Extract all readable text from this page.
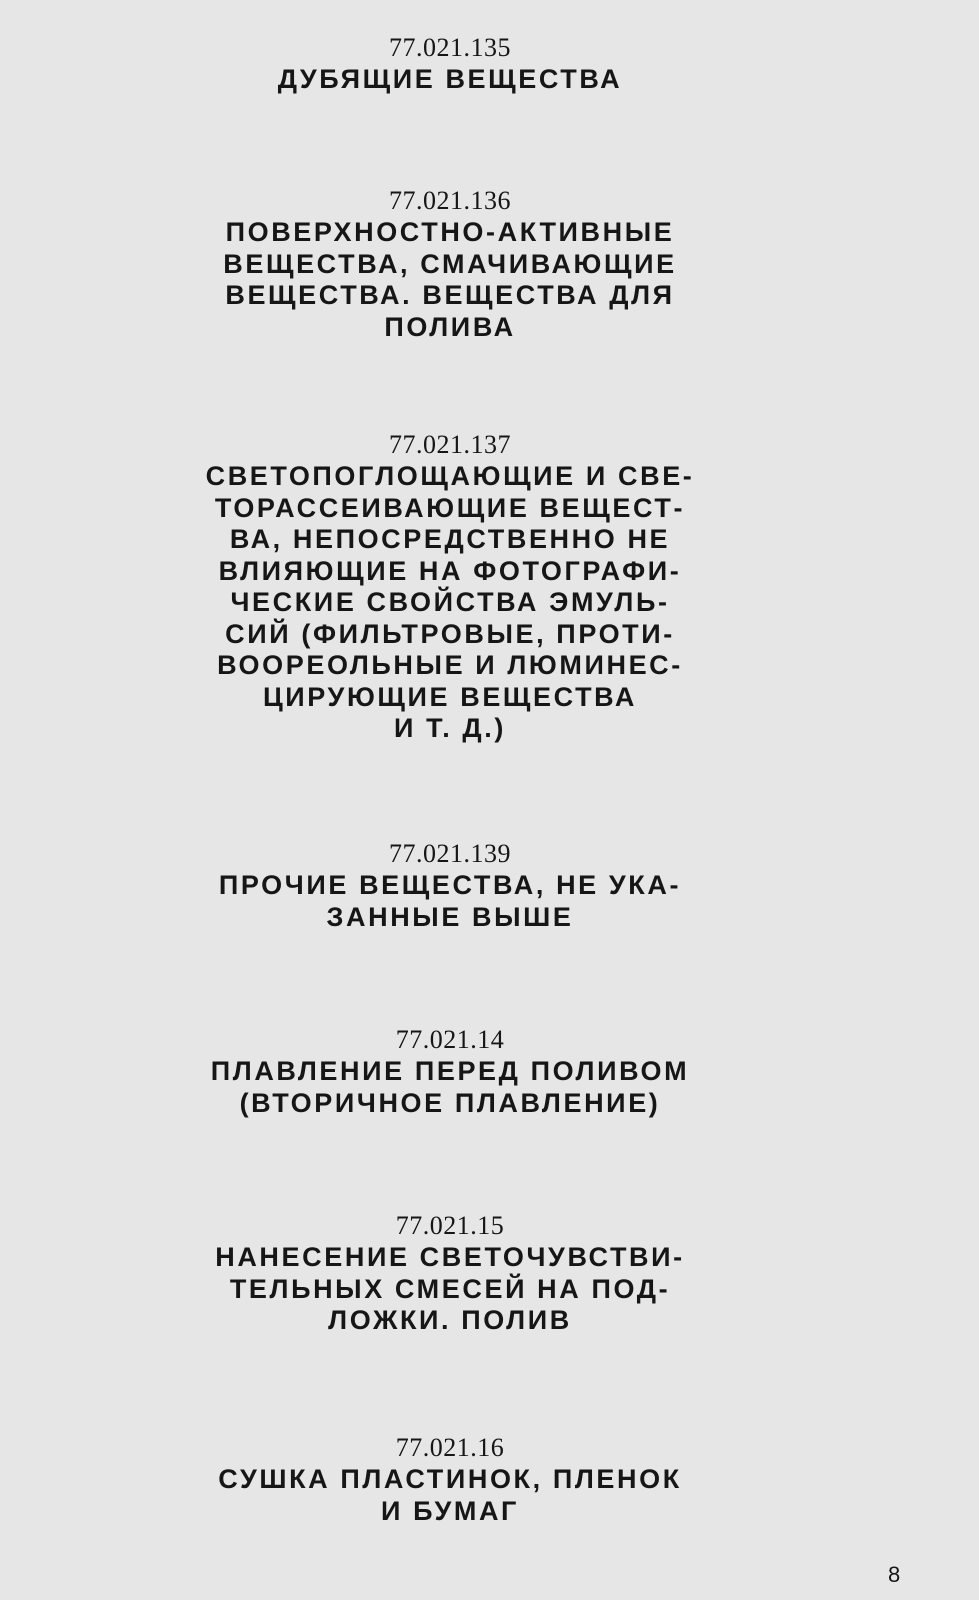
77.021.135
ДУБЯЩИЕ ВЕЩЕСТВА
77.021.136
ПОВЕРХНОСТНО-АКТИВНЫЕ
ВЕЩЕСТВА, СМАЧИВАЮЩИЕ
ВЕЩЕСТВА. ВЕЩЕСТВА ДЛЯ
ПОЛИВА
77.021.137
СВЕТОПОГЛОЩАЮЩИЕ И СВЕ-
ТОРАССЕИВАЮЩИЕ ВЕЩЕСТ-
ВА, НЕПОСРЕДСТВЕННО НЕ
ВЛИЯЮЩИЕ НА ФОТОГРАФИ-
ЧЕСКИЕ СВОЙСТВА ЭМУЛЬ-
СИЙ (ФИЛЬТРОВЫЕ, ПРОТИ-
ВООРЕОЛЬНЫЕ И ЛЮМИНЕС-
ЦИРУЮЩИЕ ВЕЩЕСТВА
И Т. Д.)
77.021.139
ПРОЧИЕ ВЕЩЕСТВА, НЕ УКА-
ЗАННЫЕ ВЫШЕ
77.021.14
ПЛАВЛЕНИЕ ПЕРЕД ПОЛИВОМ
(ВТОРИЧНОЕ ПЛАВЛЕНИЕ)
77.021.15
НАНЕСЕНИЕ СВЕТОЧУВСТВИ-
ТЕЛЬНЫХ СМЕСЕЙ НА ПОД-
ЛОЖКИ. ПОЛИВ
77.021.16
СУШКА ПЛАСТИНОК, ПЛЕНОК
И БУМАГ
8
